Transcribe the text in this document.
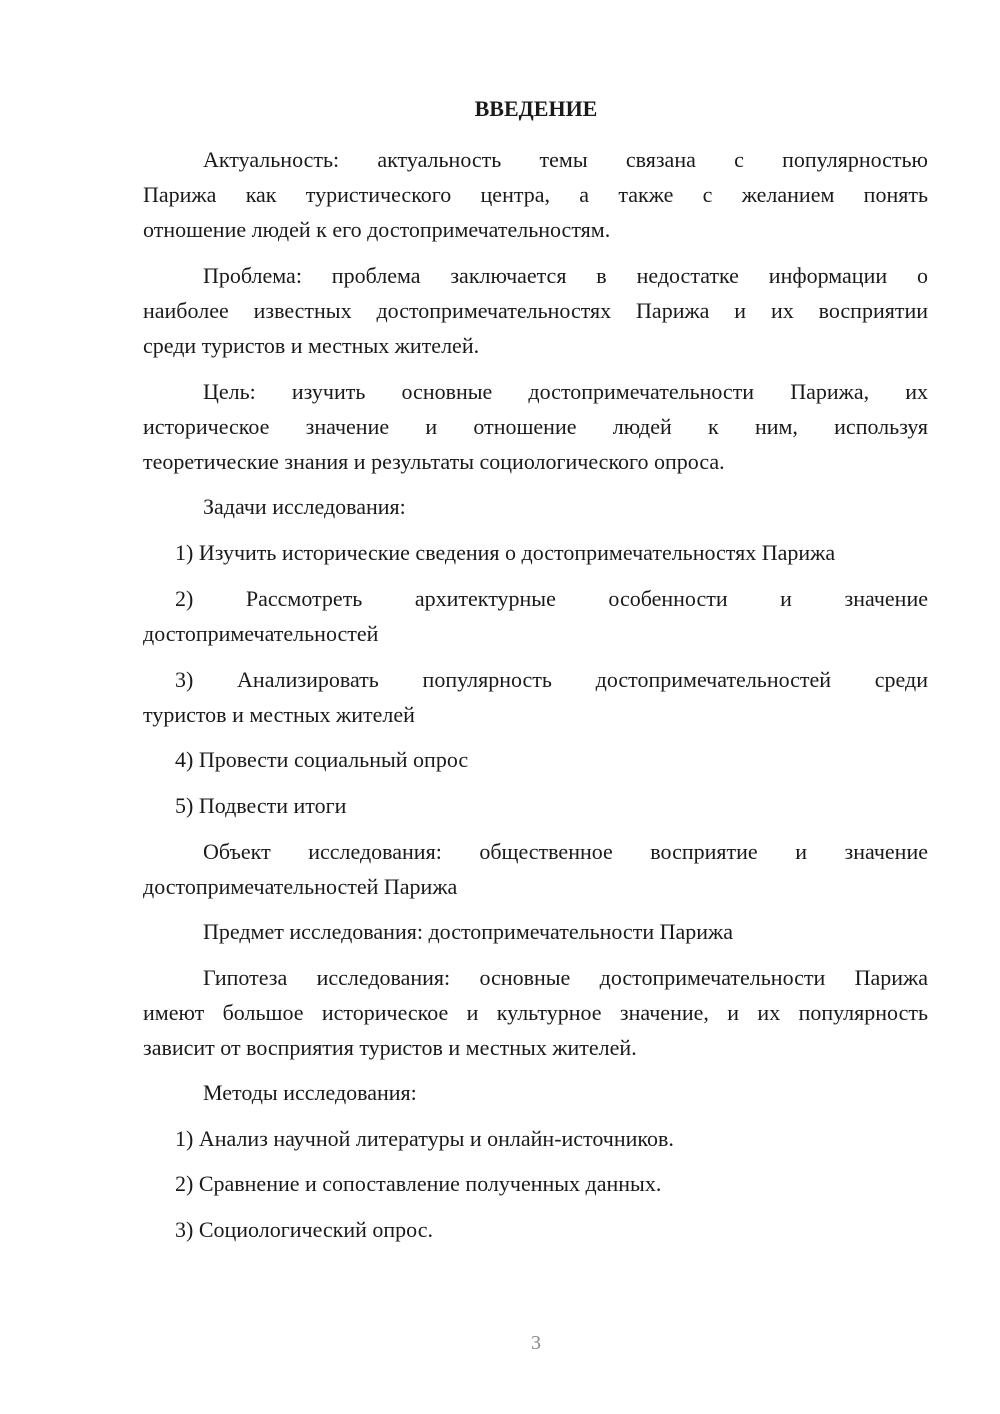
ВВЕДЕНИЕ
Актуальность: актуальность темы связана с популярностью
Парижа как туристического центра, а также с желанием понять
отношение людей к его достопримечательностям.
Проблема: проблема заключается в недостатке информации о
наиболее известных достопримечательностях Парижа и их восприятии
среди туристов и местных жителей.
Цель: изучить основные достопримечательности Парижа, их
историческое значение и отношение людей к ним, используя
теоретические знания и результаты социологического опроса.
Задачи исследования:
1) Изучить исторические сведения о достопримечательностях Парижа
2) Рассмотреть архитектурные особенности и значение
достопримечательностей
3) Анализировать популярность достопримечательностей среди
туристов и местных жителей
4) Провести социальный опрос
5) Подвести итоги
Объект исследования: общественное восприятие и значение
достопримечательностей Парижа
Предмет исследования: достопримечательности Парижа
Гипотеза исследования: основные достопримечательности Парижа
имеют большое историческое и культурное значение, и их популярность
зависит от восприятия туристов и местных жителей.
Методы исследования:
1) Анализ научной литературы и онлайн-источников.
2) Сравнение и сопоставление полученных данных.
3) Социологический опрос.
3
